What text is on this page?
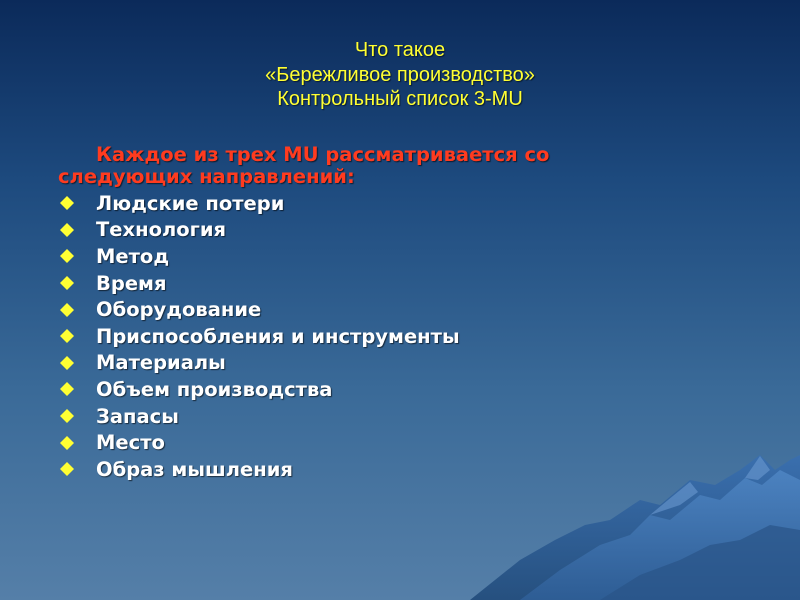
Что такое
«Бережливое производство»
Контрольный список 3-MU
Каждое из трех MU рассматривается со следующих направлений:
Людские потери
Технология
Метод
Время
Оборудование
Приспособления и инструменты
Материалы
Объем производства
Запасы
Место
Образ мышления
